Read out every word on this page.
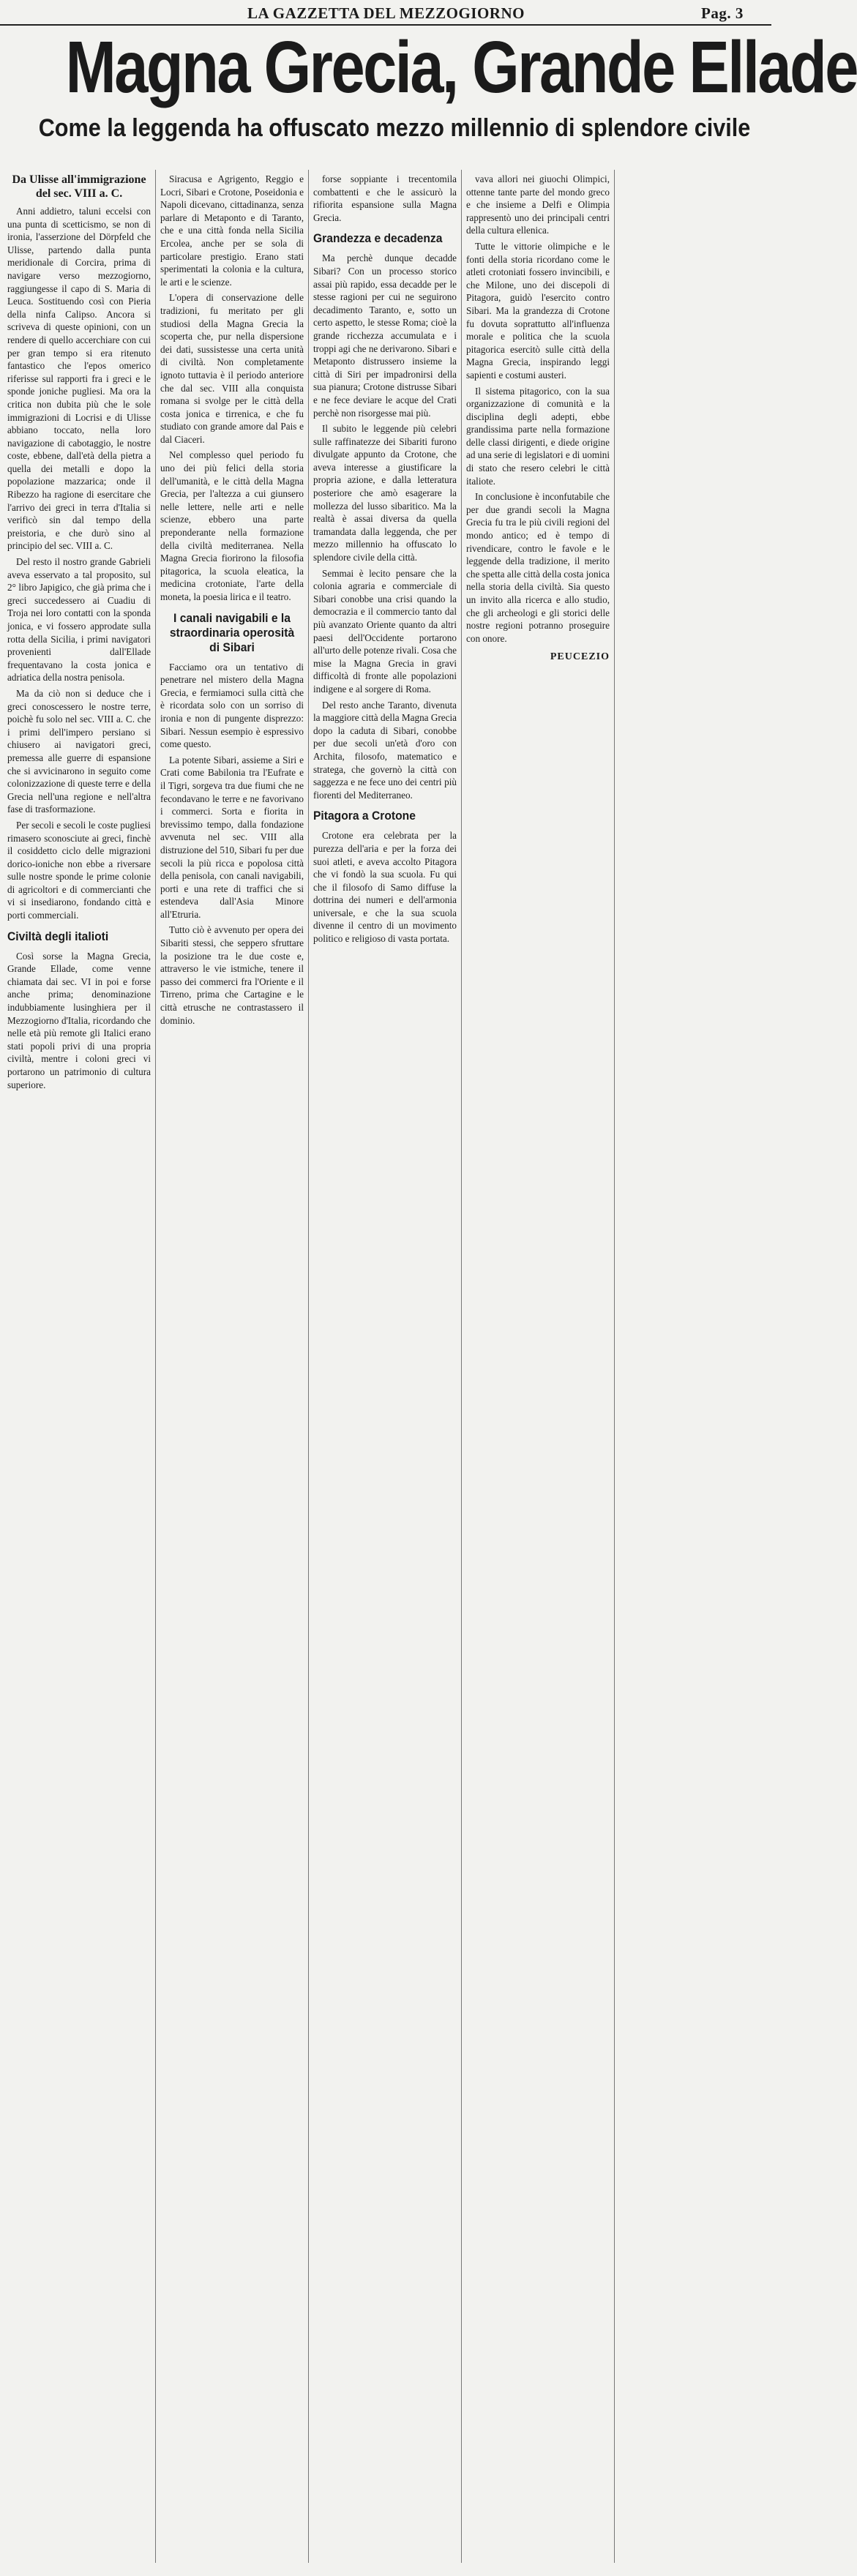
LA GAZZETTA DEL MEZZOGIORNO	Pag. 3
Magna Grecia, Grande Ellade
Come la leggenda ha offuscato mezzo millennio di splendore civile
Da Ulisse all'immigrazione del sec. VIII a. C.

Anni addietro, taluni eccelsi con una punta di scetticismo, se non di ironia, l'asserzione del Dörpfeld che Ulisse, partendo dalla punta meridionale di Corcira, prima di navigare verso mezzogiorno, raggiungesse il capo di S. Maria di Leuca. Sostituendo così con Pieria della ninfa Calipso. Ancora si scriveva di queste opinioni, con un rendere di quello accerchiare con cui per gran tempo si era ritenuto fantastico che l'epos omerico riferisse sul rapporti fra i greci e le sponde joniche pugliesi. Ma ora la critica non dubita più che le sole immigrazioni di Locrisi e di Ulisse abbiano toccato, nella loro navigazione di cabotaggio, le nostre coste, ebbene, dall'età della pietra a quella dei metalli e dopo la popolazione mazzarica; onde il Ribezzo ha ragione di esercitare che l'arrivo dei greci in terra d'Italia si verificò sin dal tempo della preistoria, e che durò sino al principio del sec. VIII a. C.

Del resto il nostro grande Gabrieli aveva esservato a tal proposito, sul 2° libro Japigico, che già prima che i greci succedessero ai Cuadiu di Troja nei loro contatti con la sponda jonica, e vi fossero approdate sulla rotta della Sicilia, i primi navigatori provenienti dall'Ellade frequentavano la costa jonica e adriatica della nostra penisola.

Ma da ciò non si deduce che i greci conoscessero le nostre terre, poichè fu solo nel sec. VIII a. C. che i primi dell'impero persiano si chiusero ai navigatori greci, premessa alle guerre di espansione che si avvicinarono in seguito come colonizzazione di queste terre e della Grecia nell'una regione e nell'altra fase di trasformazione.

Per secoli e secoli le coste pugliesi rimasero sconosciute ai greci, finchè il cosiddetto ciclo delle migrazioni dorico-ioniche non ebbe a riversare sulle nostre sponde le prime colonie di agricoltori e di commercianti che vi si insediarono, fondando città e porti commerciali.

Civiltà degli italioti

Così sorse la Magna Grecia, Grande Ellade, come venne chiamata dai sec. VI in poi e forse anche prima; denominazione indubbiamente lusinghiera per il Mezzogiorno d'Italia, ricordando che nelle età più remote gli Italici erano stati popoli privi di una propria civiltà, mentre i coloni greci vi portarono un patrimonio di cultura superiore.

Siracusa e Agrigento, Reggio e Locri, Sibari e Crotone, Poseidonia e Napoli dicevano, cittadinanza, senza parlare di Metaponto e di Taranto, che e una città fonda nella Sicilia Ercolea, anche per se sola di particolare prestigio. Erano stati sperimentati la colonia e la cultura, le arti e le scienze.

L'opera di conservazione delle tradizioni, fu meritato per gli studiosi della Magna Grecia la scoperta che, pur nella dispersione dei dati, sussistesse una certa unità di civiltà. Non completamente ignoto tuttavia è il periodo anteriore che dal sec. VIII alla conquista romana si svolge per le città della costa jonica e tirrenica, e che fu studiato con grande amore dal Pais e dal Ciaceri.

Nel complesso quel periodo fu uno dei più felici della storia dell'umanità, e le città della Magna Grecia, per l'altezza a cui giunsero nelle lettere, nelle arti e nelle scienze, ebbero una parte preponderante nella formazione della civiltà mediterranea. Nella Magna Grecia fiorirono la filosofia pitagorica, la scuola eleatica, la medicina crotoniate, l'arte della moneta, la poesia lirica e il teatro.

I canali navigabili e la straordinaria operosità di Sibari

Facciamo ora un tentativo di penetrare nel mistero della Magna Grecia, e fermiamoci sulla città che è ricordata solo con un sorriso di ironia e non di pungente disprezzo: Sibari. Nessun esempio è espressivo come questo.

La potente Sibari, assieme a Siri e Crati come Babilonia tra l'Eufrate e il Tigri, sorgeva tra due fiumi che ne fecondavano le terre e ne favorivano i commerci. Sorta e fiorita in brevissimo tempo, dalla fondazione avvenuta nel sec. VIII alla distruzione del 510, Sibari fu per due secoli la più ricca e popolosa città della penisola, con canali navigabili, porti e una rete di traffici che si estendeva dall'Asia Minore all'Etruria.

Tutto ciò è avvenuto per opera dei Sibariti stessi, che seppero sfruttare la posizione tra le due coste e, attraverso le vie istmiche, tenere il passo dei commerci fra l'Oriente e il Tirreno, prima che Cartagine e le città etrusche ne contrastassero il dominio.

forse soppiante i trecentomila combattenti e che le assicurò la rifiorita espansione sulla Magna Grecia.

Grandezza e decadenza

Ma perchè dunque decadde Sibari? Con un processo storico assai più rapido, essa decadde per le stesse ragioni per cui ne seguirono decadimento Taranto, e, sotto un certo aspetto, le stesse Roma; cioè la grande ricchezza accumulata e i troppi agi che ne derivarono. Sibari e Metaponto distrussero insieme la città di Siri per impadronirsi della sua pianura; Crotone distrusse Sibari e ne fece deviare le acque del Crati perchè non risorgesse mai più.

Il subito le leggende più celebri sulle raffinatezze dei Sibariti furono divulgate appunto da Crotone, che aveva interesse a giustificare la propria azione, e dalla letteratura posteriore che amò esagerare la mollezza del lusso sibaritico. Ma la realtà è assai diversa da quella tramandata dalla leggenda, che per mezzo millennio ha offuscato lo splendore civile della città.

Semmai è lecito pensare che la colonia agraria e commerciale di Sibari conobbe una crisi quando la democrazia e il commercio tanto dal più avanzato Oriente quanto da altri paesi dell'Occidente portarono all'urto delle potenze rivali. Cosa che mise la Magna Grecia in gravi difficoltà di fronte alle popolazioni indigene e al sorgere di Roma.

Del resto anche Taranto, divenuta la maggiore città della Magna Grecia dopo la caduta di Sibari, conobbe per due secoli un'età d'oro con Archita, filosofo, matematico e stratega, che governò la città con saggezza e ne fece uno dei centri più fiorenti del Mediterraneo.

Pitagora a Crotone

Crotone era celebrata per la purezza dell'aria e per la forza dei suoi atleti, e aveva accolto Pitagora che vi fondò la sua scuola. Fu qui che il filosofo di Samo diffuse la dottrina dei numeri e dell'armonia universale, e che la sua scuola divenne il centro di un movimento politico e religioso di vasta portata.

vava allori nei giuochi Olimpici, ottenne tante parte del mondo greco e che insieme a Delfi e Olimpia rappresentò uno dei principali centri della cultura ellenica.

Tutte le vittorie olimpiche e le fonti della storia ricordano come le atleti crotoniati fossero invincibili, e che Milone, uno dei discepoli di Pitagora, guidò l'esercito contro Sibari. Ma la grandezza di Crotone fu dovuta soprattutto all'influenza morale e politica che la scuola pitagorica esercitò sulle città della Magna Grecia, inspirando leggi sapienti e costumi austeri.

Il sistema pitagorico, con la sua organizzazione di comunità e la disciplina degli adepti, ebbe grandissima parte nella formazione delle classi dirigenti, e diede origine ad una serie di legislatori e di uomini di stato che resero celebri le città italiote.

In conclusione è inconfutabile che per due grandi secoli la Magna Grecia fu tra le più civili regioni del mondo antico; ed è tempo di rivendicare, contro le favole e le leggende della tradizione, il merito che spetta alle città della costa jonica nella storia della civiltà. Sia questo un invito alla ricerca e allo studio, che gli archeologi e gli storici delle nostre regioni potranno proseguire con onore.

PEUCEZIO
